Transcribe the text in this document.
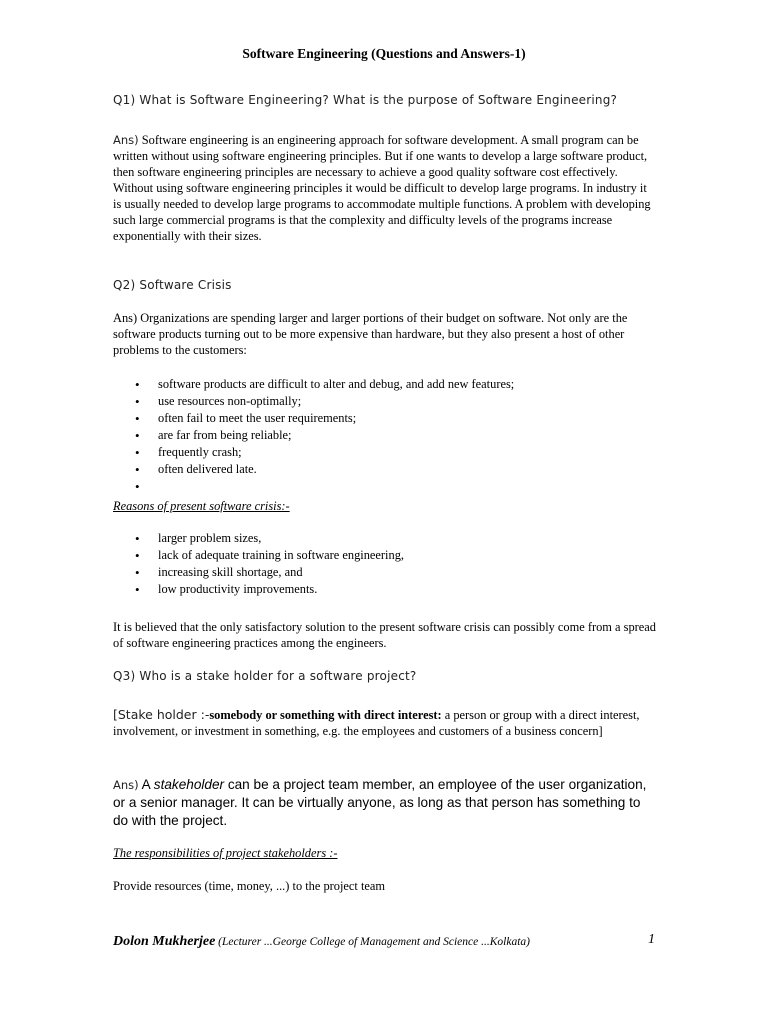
Software Engineering (Questions and Answers-1)
Q1) What is Software Engineering? What is the purpose of Software Engineering?
Ans) Software engineering is an engineering approach for software development. A small program can be written without using software engineering principles. But if one wants to develop a large software product, then software engineering principles are necessary to achieve a good quality software cost effectively.
Without using software engineering principles it would be difficult to develop large programs. In industry it is usually needed to develop large programs to accommodate multiple functions. A problem with developing such large commercial programs is that the complexity and difficulty levels of the programs increase exponentially with their sizes.
Q2) Software Crisis
Ans) Organizations are spending larger and larger portions of their budget on software. Not only are the software products turning out to be more expensive than hardware, but they also present a host of other problems to the customers:
• software products are difficult to alter and debug, and add new features;
• use resources non-optimally;
• often fail to meet the user requirements;
• are far from being reliable;
• frequently crash;
• often delivered late.
•
Reasons of present software crisis:-
• larger problem sizes,
• lack of adequate training in software engineering,
• increasing skill shortage, and
• low productivity improvements.
It is believed that the only satisfactory solution to the present software crisis can possibly come from a spread of software engineering practices among the engineers.
Q3) Who is a stake holder for a software project?
[Stake holder :-somebody or something with direct interest: a person or group with a direct interest, involvement, or investment in something, e.g. the employees and customers of a business concern]
Ans) A stakeholder can be a project team member, an employee of the user organization, or a senior manager. It can be virtually anyone, as long as that person has something to do with the project.
The responsibilities of project stakeholders :-
Provide resources (time, money, ...) to the project team
Dolon Mukherjee (Lecturer ...George College of Management and Science ...Kolkata)	1
